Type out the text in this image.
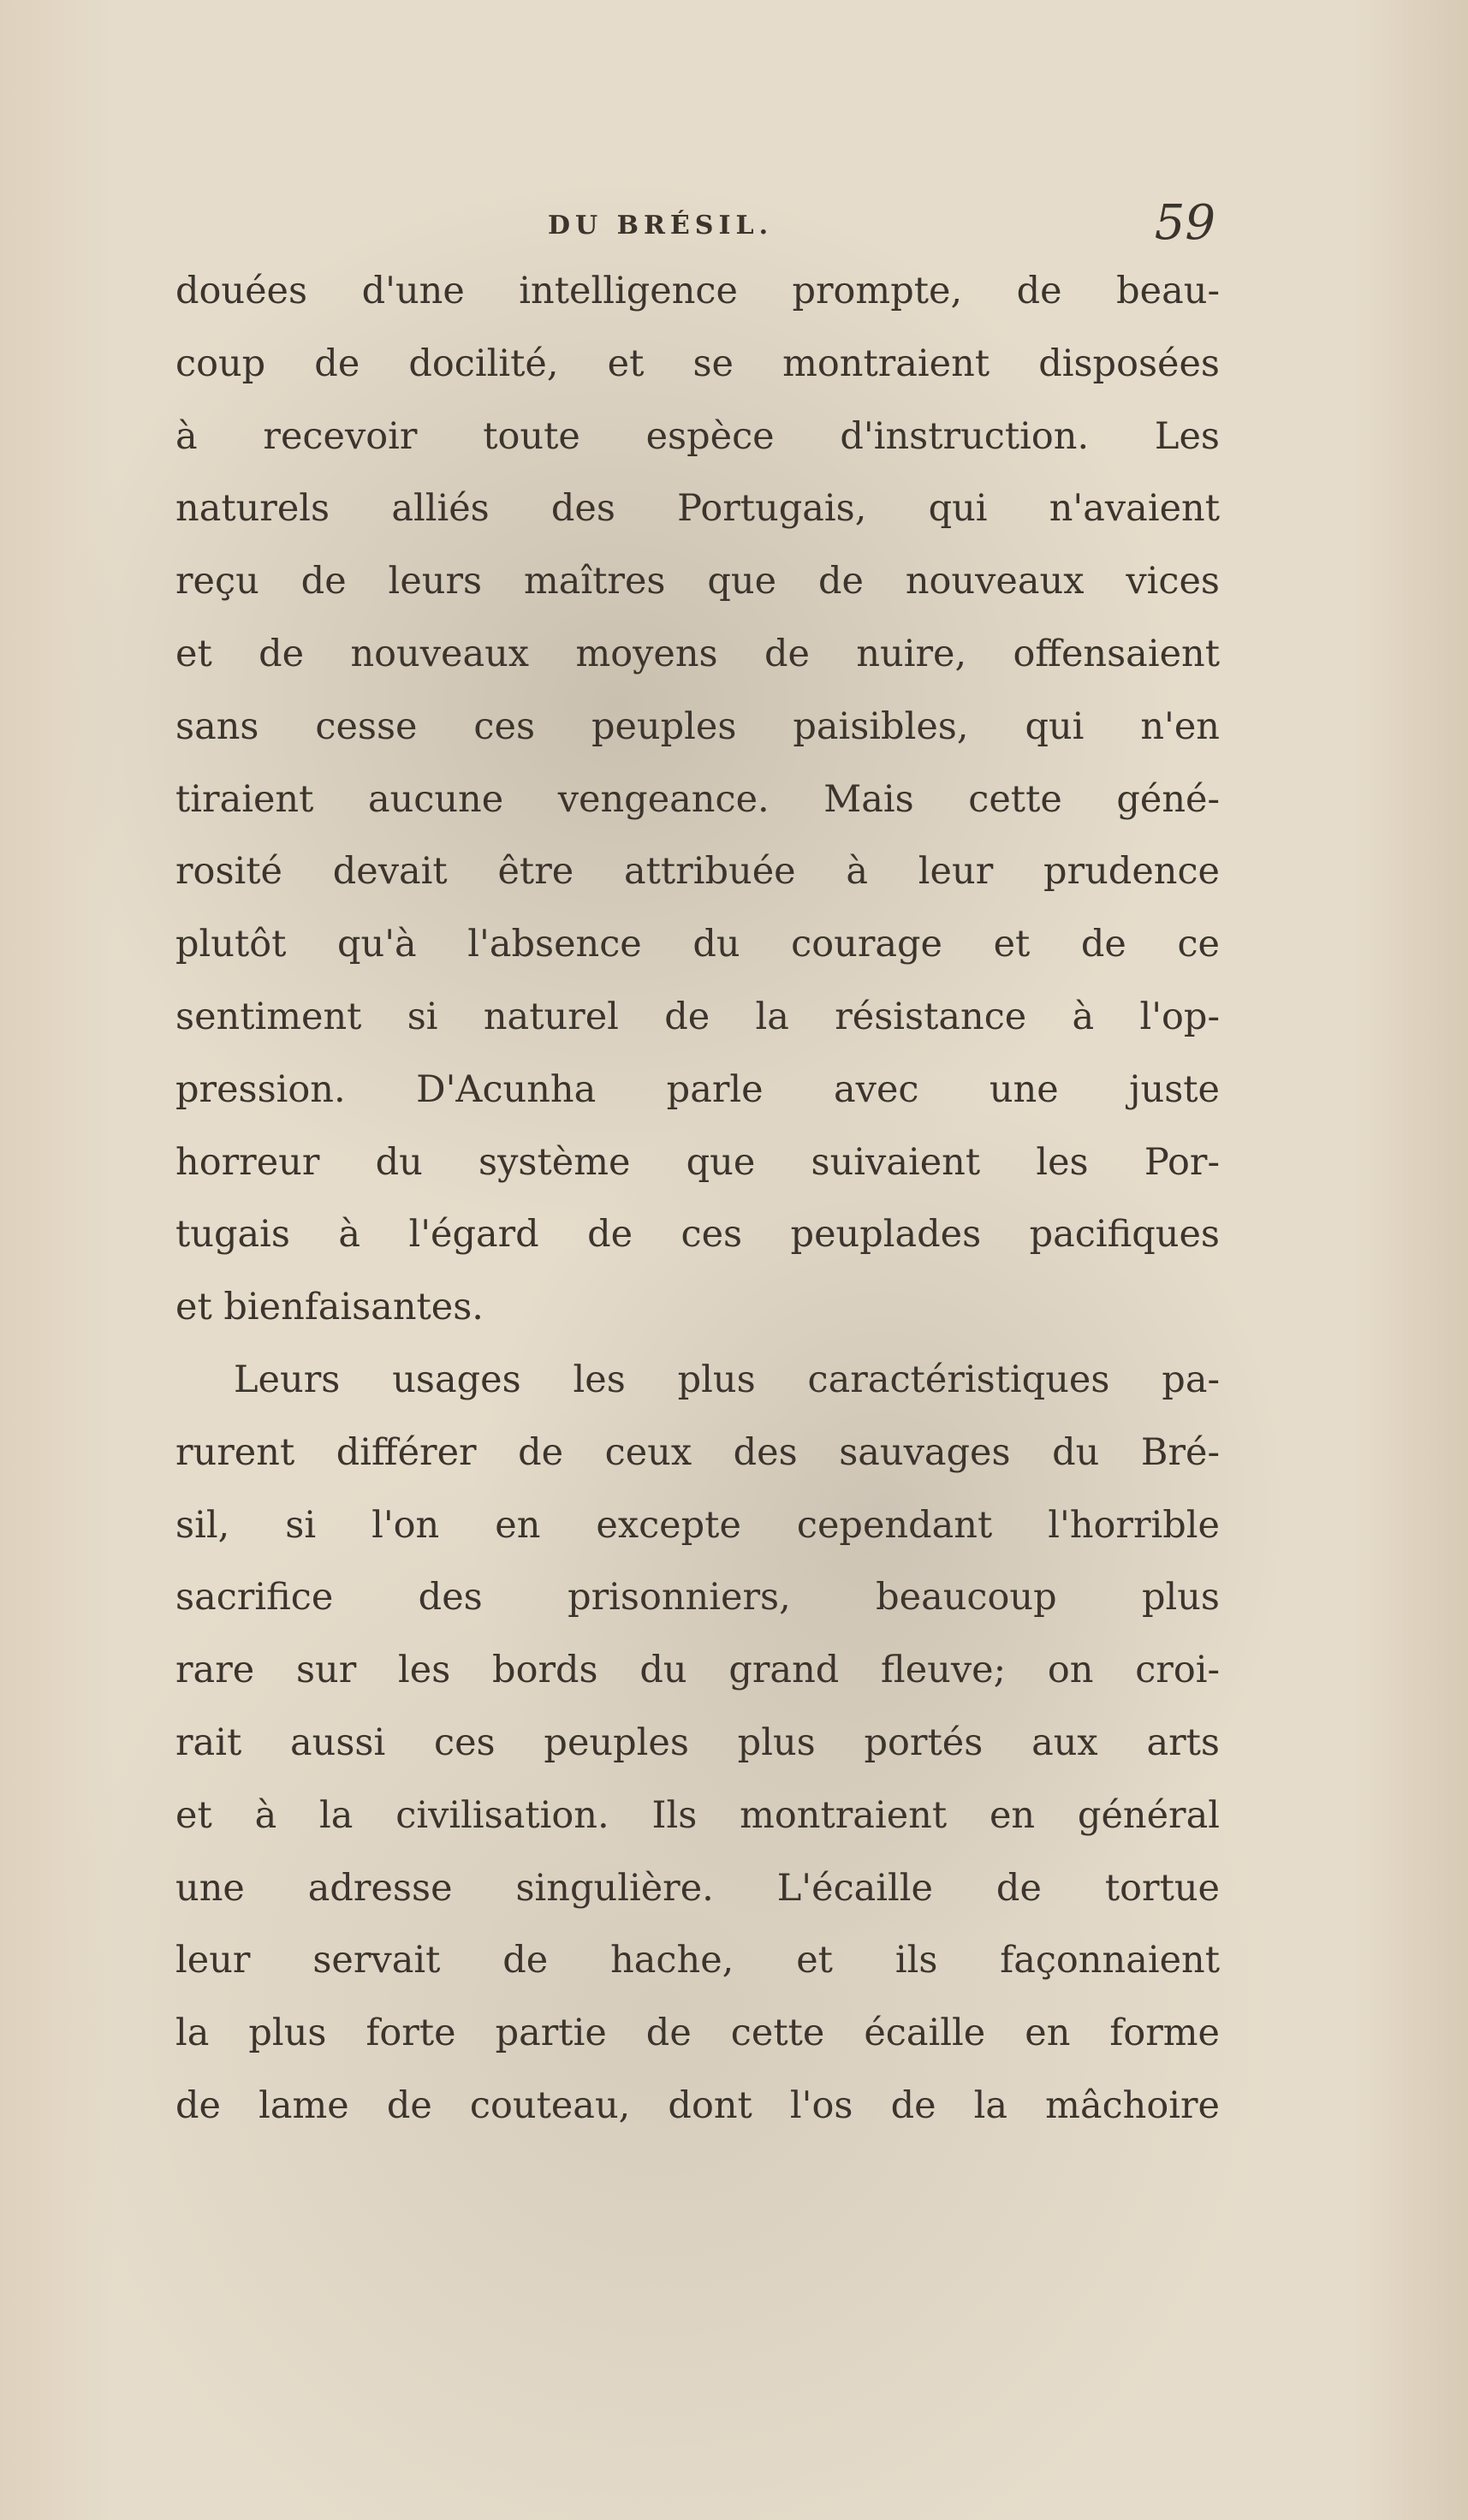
DU BRÉSIL.	59
douées d'une intelligence prompte, de beau-
coup de docilité, et se montraient disposées
à recevoir toute espèce d'instruction. Les
naturels alliés des Portugais, qui n'avaient
reçu de leurs maîtres que de nouveaux vices
et de nouveaux moyens de nuire, offensaient
sans cesse ces peuples paisibles, qui n'en
tiraient aucune vengeance. Mais cette géné-
rosité devait être attribuée à leur prudence
plutôt qu'à l'absence du courage et de ce
sentiment si naturel de la résistance à l'op-
pression. D'Acunha parle avec une juste
horreur du système que suivaient les Por-
tugais à l'égard de ces peuplades pacifiques
et bienfaisantes.
Leurs usages les plus caractéristiques pa-
rurent différer de ceux des sauvages du Bré-
sil, si l'on en excepte cependant l'horrible
sacrifice des prisonniers, beaucoup plus
rare sur les bords du grand fleuve; on croi-
rait aussi ces peuples plus portés aux arts
et à la civilisation. Ils montraient en général
une adresse singulière. L'écaille de tortue
leur servait de hache, et ils façonnaient
la plus forte partie de cette écaille en forme
de lame de couteau, dont l'os de la mâchoire
